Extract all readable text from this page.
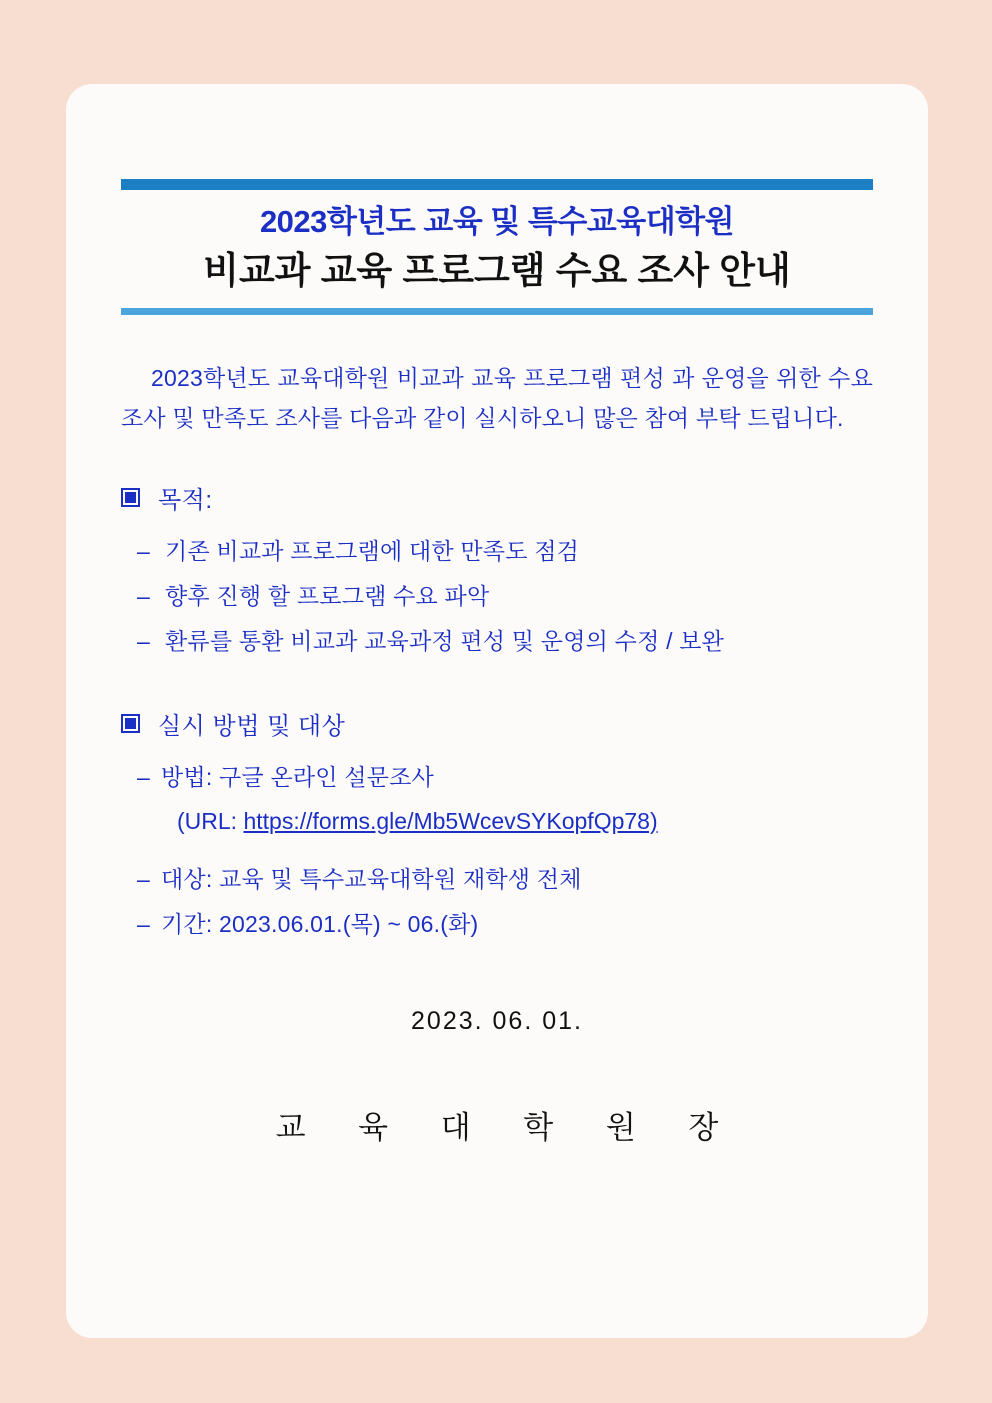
2023학년도 교육 및 특수교육대학원
비교과 교육 프로그램 수요 조사 안내

2023학년도 교육대학원 비교과 교육 프로그램 편성 과 운영을 위한 수요조사 및 만족도 조사를 다음과 같이 실시하오니 많은 참여 부탁 드립니다.

목적:
– 기존 비교과 프로그램에 대한 만족도 점검
– 향후 진행 할 프로그램 수요 파악
– 환류를 통환 비교과 교육과정 편성 및 운영의 수정 / 보완
실시 방법 및 대상
– 방법: 구글 온라인 설문조사
(URL: https://forms.gle/Mb5WcevSYKopfQp78)
– 대상: 교육 및 특수교육대학원 재학생 전체
– 기간: 2023.06.01.(목) ~ 06.(화)
2023. 06. 01.
교 육 대 학 원 장
